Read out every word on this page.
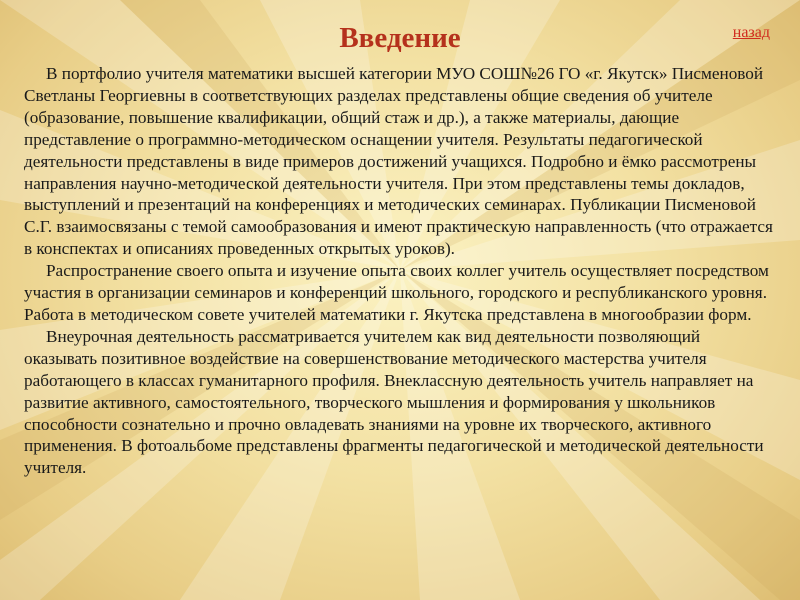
Введение	назад

В портфолио учителя математики высшей категории МУО СОШ№26 ГО «г. Якутск» Писменовой Светланы Георгиевны в соответствующих разделах представлены общие сведения об учителе (образование, повышение квалификации, общий стаж и др.), а также материалы, дающие представление о программно-методическом оснащении учителя. Результаты педагогической деятельности представлены в виде примеров достижений учащихся. Подробно и ёмко рассмотрены направления научно-методической деятельности учителя. При этом представлены темы докладов, выступлений и презентаций на конференциях и методических семинарах. Публикации Писменовой С.Г. взаимосвязаны с темой самообразования и имеют практическую направленность (что отражается в конспектах и описаниях проведенных открытых уроков).

Распространение своего опыта и изучение опыта своих коллег учитель осуществляет посредством участия в организации семинаров и конференций школьного, городского и республиканского уровня. Работа в методическом совете учителей математики г. Якутска представлена в многообразии форм.

Внеурочная деятельность рассматривается учителем как вид деятельности позволяющий оказывать позитивное воздействие на совершенствование методического мастерства учителя работающего в классах гуманитарного профиля. Внеклассную деятельность учитель направляет на развитие активного, самостоятельного, творческого мышления и формирования у школьников способности сознательно и прочно овладевать знаниями на уровне их творческого, активного применения. В фотоальбоме представлены фрагменты педагогической и методической деятельности учителя.
